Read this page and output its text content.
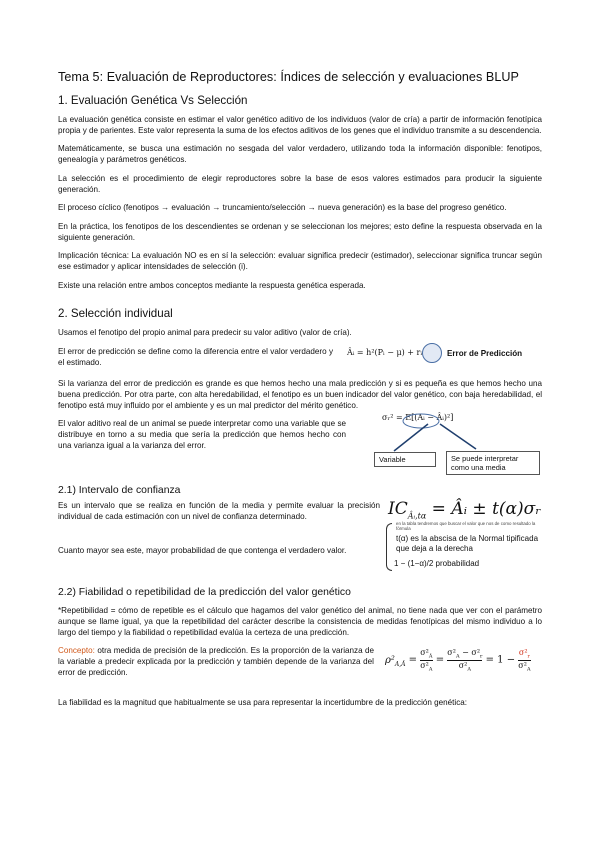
Tema 5: Evaluación de Reproductores: Índices de selección y evaluaciones BLUP
1. Evaluación Genética Vs Selección

La evaluación genética consiste en estimar el valor genético aditivo de los individuos (valor de cría) a partir de información fenotípica propia y de parientes. Este valor representa la suma de los efectos aditivos de los genes que el individuo transmite a su descendencia.

Matemáticamente, se busca una estimación no sesgada del valor verdadero, utilizando toda la información disponible: fenotipos, genealogía y parámetros genéticos.

La selección es el procedimiento de elegir reproductores sobre la base de esos valores estimados para producir la siguiente generación.

El proceso cíclico (fenotipos → evaluación → truncamiento/selección → nueva generación) es la base del progreso genético.

En la práctica, los fenotipos de los descendientes se ordenan y se seleccionan los mejores; esto define la respuesta observada en la siguiente generación.

Implicación técnica: La evaluación NO es en sí la selección: evaluar significa predecir (estimador), seleccionar significa truncar según ese estimador y aplicar intensidades de selección (i).

Existe una relación entre ambos conceptos mediante la respuesta genética esperada.

2. Selección individual

Usamos el fenotipo del propio animal para predecir su valor aditivo (valor de cría).

El error de predicción se define como la diferencia entre el valor verdadero y el estimado.

Âᵢ = h²(Pᵢ − μ) + rᵢ	Error de Predicción

Si la varianza del error de predicción es grande es que hemos hecho una mala predicción y si es pequeña es que hemos hecho una buena predicción. Por otra parte, con alta heredabilidad, el fenotipo es un buen indicador del valor genético, con baja heredabilidad, el fenotipo está muy influido por el ambiente y es un mal predictor del mérito genético.

El valor aditivo real de un animal se puede interpretar como una variable que se distribuye en torno a su media que sería la predicción que hemos hecho con una varianza igual a la varianza del error.

σᵣ² = E[(Aᵢ − Âᵢ)²]
Variable	Se puede interpretar como una media
2.1) Intervalo de confianza

Es un intervalo que se realiza en función de la media y permite evaluar la precisión individual de cada estimación con un nivel de confianza determinado.

Cuanto mayor sea este, mayor probabilidad de que contenga el verdadero valor.

$IC_{Âᵢ,t\alpha}$ = Âᵢ ± t(α)σᵣ
en la tabla tendremos que buscar el valor que nos de como resultado la fórmula
t(α) es la abscisa de la Normal tipificada que deja a la derecha
1 − (1−α)/2 probabilidad
2.2) Fiabilidad o repetibilidad de la predicción del valor genético

*Repetibilidad = cómo de repetible es el cálculo que hagamos del valor genético del animal, no tiene nada que ver con el parámetro aunque se llame igual, ya que la repetibilidad del carácter describe la consistencia de medidas fenotípicas del mismo individuo a lo largo del tiempo y la fiabilidad o repetibilidad evalúa la certeza de una predicción.

Concepto: otra medida de precisión de la predicción. Es la proporción de la varianza de la variable a predecir explicada por la predicción y también depende de la varianza del error de predicción.

$\rho^2_{A,Â} = \frac{\sigma^2_Â}{\sigma^2_A} = \frac{\sigma^2_A - \sigma^2_r}{\sigma^2_A} = 1 - \frac{\sigma^2_r}{\sigma^2_A}$

La fiabilidad es la magnitud que habitualmente se usa para representar la incertidumbre de la predicción genética:
